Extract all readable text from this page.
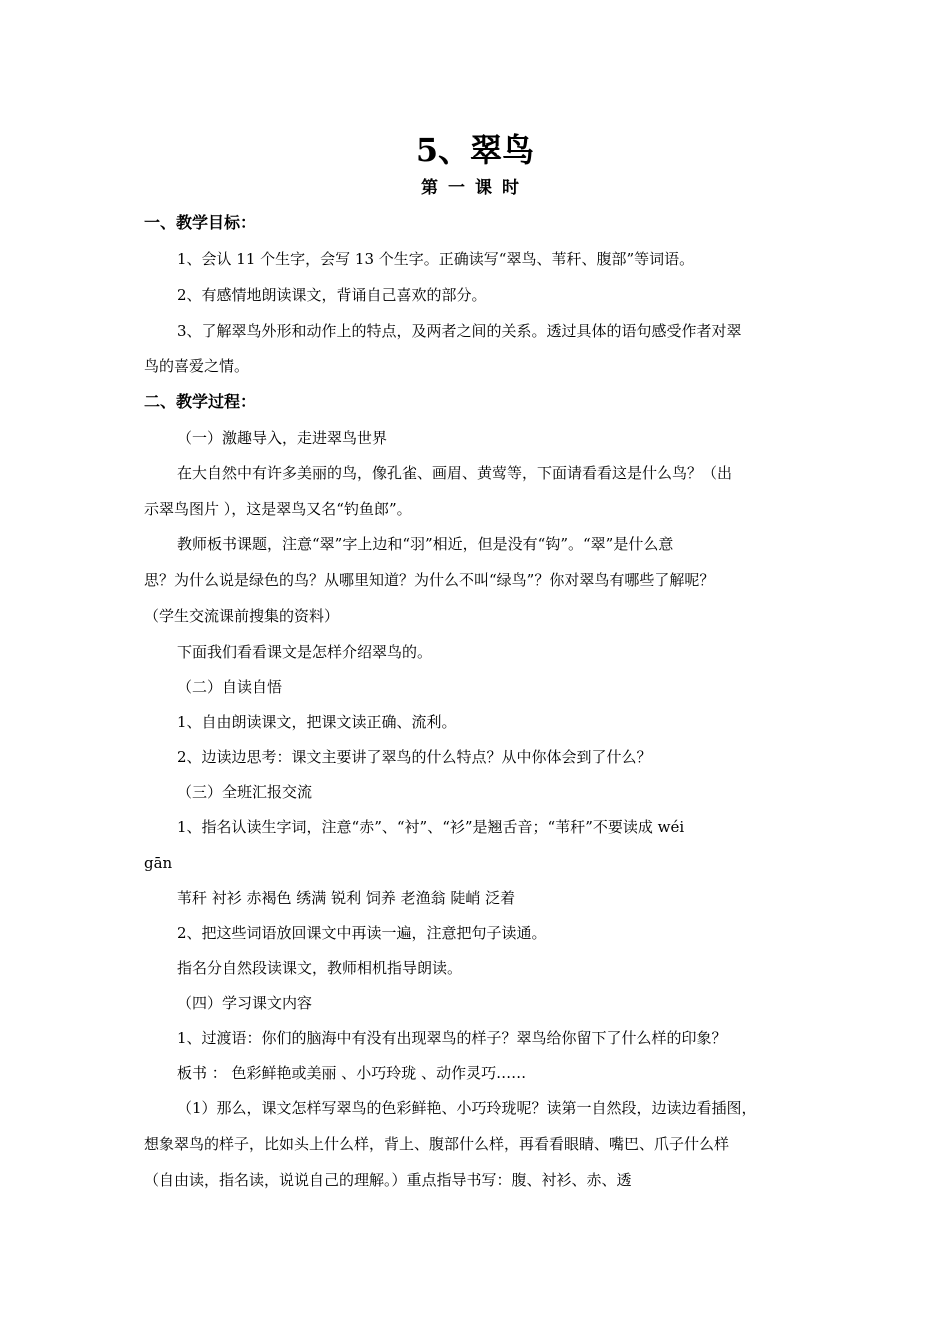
5、翠鸟
第一课时
一、教学目标：
1、会认 11 个生字，会写 13 个生字。正确读写“翠鸟、苇秆、腹部”等词语。
2、有感情地朗读课文，背诵自己喜欢的部分。
3、了解翠鸟外形和动作上的特点，及两者之间的关系。透过具体的语句感受作者对翠
鸟的喜爱之情。
二、教学过程：
（一）激趣导入，走进翠鸟世界
在大自然中有许多美丽的鸟，像孔雀、画眉、黄莺等，下面请看看这是什么鸟？（出
示翠鸟图片 ），这是翠鸟又名“钓鱼郎”。
教师板书课题，注意“翠”字上边和“羽”相近，但是没有“钩”。“翠”是什么意
思？为什么说是绿色的鸟？从哪里知道？为什么不叫“绿鸟”？你对翠鸟有哪些了解呢？
（学生交流课前搜集的资料）
下面我们看看课文是怎样介绍翠鸟的。
（二）自读自悟
1、自由朗读课文，把课文读正确、流利。
2、边读边思考：课文主要讲了翠鸟的什么特点？从中你体会到了什么？
（三）全班汇报交流
1、指名认读生字词，注意“赤”、“衬”、“衫”是翘舌音；“苇秆”不要读成 wéi
gān
苇秆 衬衫 赤褐色 绣满 锐利 饲养 老渔翁 陡峭 泛着
2、把这些词语放回课文中再读一遍，注意把句子读通。
指名分自然段读课文，教师相机指导朗读。
（四）学习课文内容
1、过渡语：你们的脑海中有没有出现翠鸟的样子？翠鸟给你留下了什么样的印象？
板书 ： 色彩鲜艳或美丽 、小巧玲珑 、动作灵巧……
（1）那么，课文怎样写翠鸟的色彩鲜艳、小巧玲珑呢？读第一自然段，边读边看插图，
想象翠鸟的样子，比如头上什么样，背上、腹部什么样，再看看眼睛、嘴巴、爪子什么样
（自由读，指名读，说说自己的理解。）重点指导书写：腹、衬衫、赤、透
